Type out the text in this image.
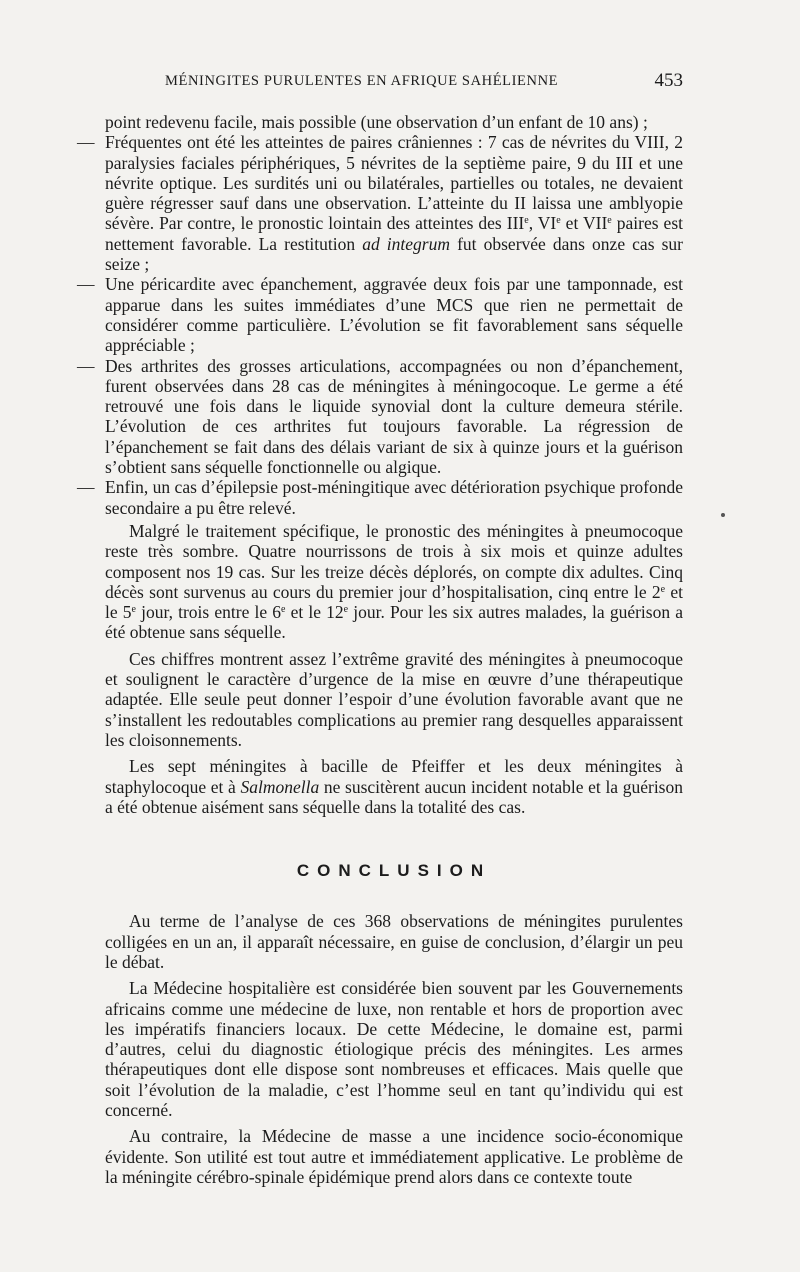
MÉNINGITES PURULENTES EN AFRIQUE SAHÉLIENNE	453

point redevenu facile, mais possible (une observation d’un enfant de 10 ans) ;

— Fréquentes ont été les atteintes de paires crâniennes : 7 cas de névrites du VIII, 2 paralysies faciales périphériques, 5 névrites de la septième paire, 9 du III et une névrite optique. Les surdités uni ou bilatérales, partielles ou totales, ne devaient guère régresser sauf dans une observation. L’atteinte du II laissa une amblyopie sévère. Par contre, le pronostic lointain des atteintes des IIIe, VIe et VIIe paires est nettement favorable. La restitution ad integrum fut observée dans onze cas sur seize ;

— Une péricardite avec épanchement, aggravée deux fois par une tamponnade, est apparue dans les suites immédiates d’une MCS que rien ne permettait de considérer comme particulière. L’évolution se fit favorablement sans séquelle appréciable ;

— Des arthrites des grosses articulations, accompagnées ou non d’épanchement, furent observées dans 28 cas de méningites à méningocoque. Le germe a été retrouvé une fois dans le liquide synovial dont la culture demeura stérile. L’évolution de ces arthrites fut toujours favorable. La régression de l’épanchement se fait dans des délais variant de six à quinze jours et la guérison s’obtient sans séquelle fonctionnelle ou algique.

— Enfin, un cas d’épilepsie post-méningitique avec détérioration psychique profonde secondaire a pu être relevé.

Malgré le traitement spécifique, le pronostic des méningites à pneumocoque reste très sombre. Quatre nourrissons de trois à six mois et quinze adultes composent nos 19 cas. Sur les treize décès déplorés, on compte dix adultes. Cinq décès sont survenus au cours du premier jour d’hospitalisation, cinq entre le 2e et le 5e jour, trois entre le 6e et le 12e jour. Pour les six autres malades, la guérison a été obtenue sans séquelle.

Ces chiffres montrent assez l’extrême gravité des méningites à pneumocoque et soulignent le caractère d’urgence de la mise en œuvre d’une thérapeutique adaptée. Elle seule peut donner l’espoir d’une évolution favorable avant que ne s’installent les redoutables complications au premier rang desquelles apparaissent les cloisonnements.

Les sept méningites à bacille de Pfeiffer et les deux méningites à staphylocoque et à Salmonella ne suscitèrent aucun incident notable et la guérison a été obtenue aisément sans séquelle dans la totalité des cas.

CONCLUSION

Au terme de l’analyse de ces 368 observations de méningites purulentes colligées en un an, il apparaît nécessaire, en guise de conclusion, d’élargir un peu le débat.

La Médecine hospitalière est considérée bien souvent par les Gouvernements africains comme une médecine de luxe, non rentable et hors de proportion avec les impératifs financiers locaux. De cette Médecine, le domaine est, parmi d’autres, celui du diagnostic étiologique précis des méningites. Les armes thérapeutiques dont elle dispose sont nombreuses et efficaces. Mais quelle que soit l’évolution de la maladie, c’est l’homme seul en tant qu’individu qui est concerné.

Au contraire, la Médecine de masse a une incidence socio-économique évidente. Son utilité est tout autre et immédiatement applicative. Le problème de la méningite cérébro-spinale épidémique prend alors dans ce contexte toute
